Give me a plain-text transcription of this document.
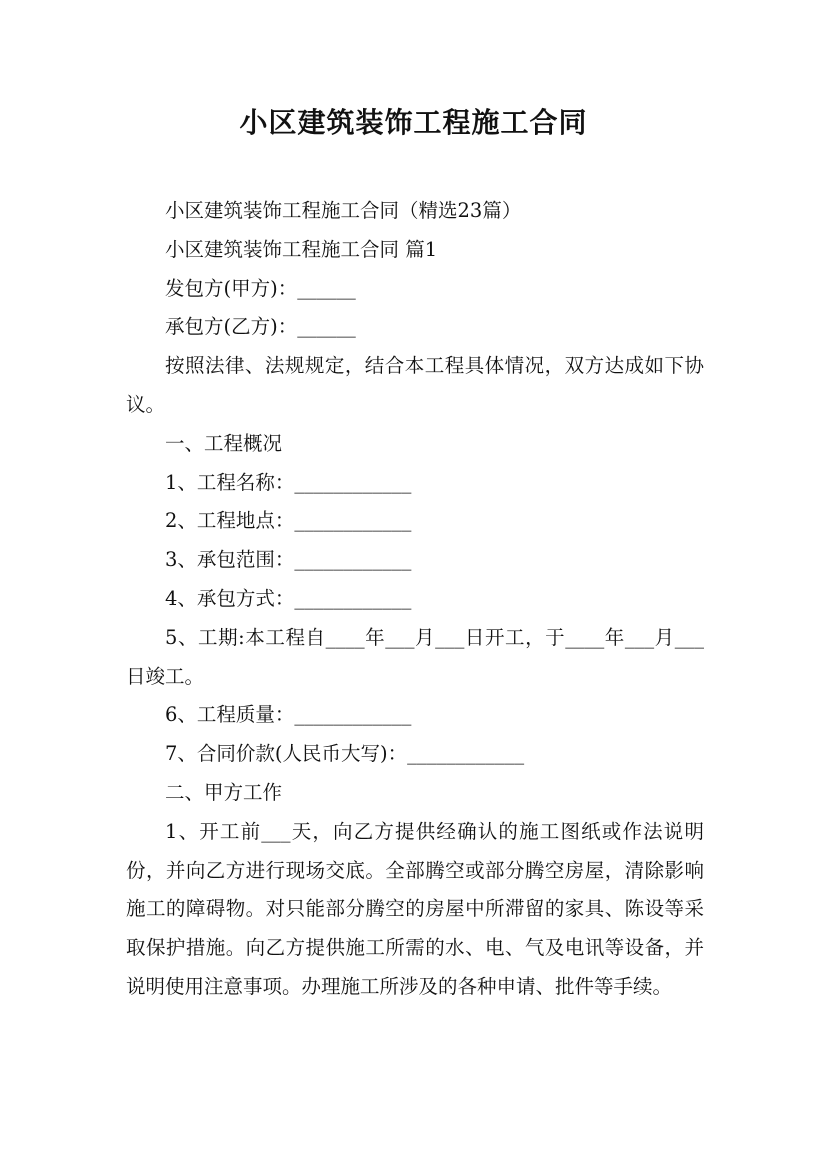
小区建筑装饰工程施工合同

小区建筑装饰工程施工合同（精选23篇）

小区建筑装饰工程施工合同 篇1

发包方(甲方)：______

承包方(乙方)：______

按照法律、法规规定，结合本工程具体情况，双方达成如下协议。

一、工程概况

1、工程名称：____________

2、工程地点：____________

3、承包范围：____________

4、承包方式：____________

5、工期:本工程自____年___月___日开工，于____年___月___日竣工。

6、工程质量：____________

7、合同价款(人民币大写)：____________

二、甲方工作

1、开工前___天，向乙方提供经确认的施工图纸或作法说明份，并向乙方进行现场交底。全部腾空或部分腾空房屋，清除影响施工的障碍物。对只能部分腾空的房屋中所滞留的家具、陈设等采取保护措施。向乙方提供施工所需的水、电、气及电讯等设备，并说明使用注意事项。办理施工所涉及的各种申请、批件等手续。
